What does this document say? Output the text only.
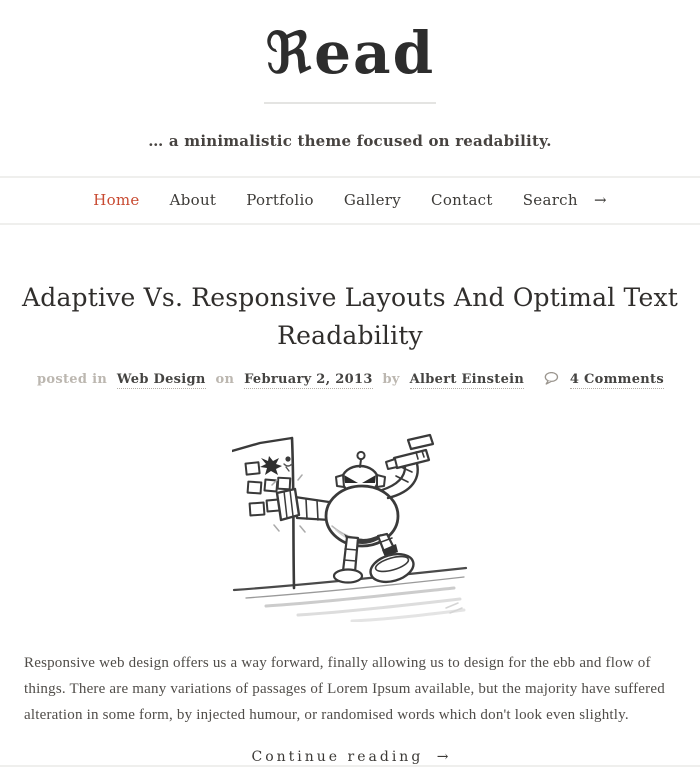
ℜead

… a minimalistic theme focused on readability.

Home	About	Portfolio	Gallery	Contact	Search →
Adaptive Vs. Responsive Layouts And Optimal Text Readability
posted in Web Design on February 2, 2013 by Albert Einstein	4 Comments

Responsive web design offers us a way forward, finally allowing us to design for the ebb and flow of things. There are many variations of passages of Lorem Ipsum available, but the majority have suffered alteration in some form, by injected humour, or randomised words which don't look even slightly.

Continue reading →
